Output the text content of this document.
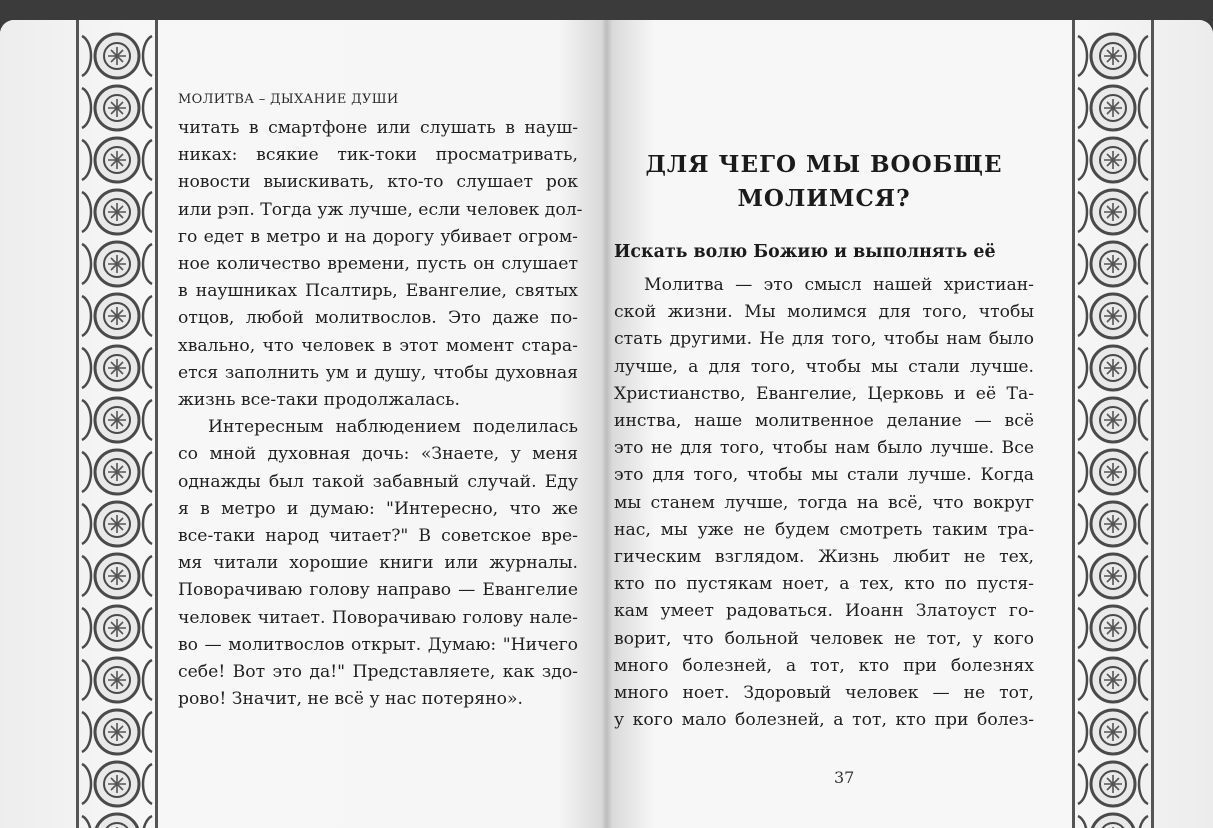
МОЛИТВА – ДЫХАНИЕ ДУШИ
читать в смартфоне или слушать в науш-
никах: всякие тик-токи просматривать,
новости выискивать, кто-то слушает рок
или рэп. Тогда уж лучше, если человек дол-
го едет в метро и на дорогу убивает огром-
ное количество времени, пусть он слушает
в наушниках Псалтирь, Евангелие, святых
отцов, любой молитвослов. Это даже по-
хвально, что человек в этот момент стара-
ется заполнить ум и душу, чтобы духовная
жизнь все-таки продолжалась.
Интересным наблюдением поделилась
со мной духовная дочь: «Знаете, у меня
однажды был такой забавный случай. Еду
я в метро и думаю: "Интересно, что же
все-таки народ читает?" В советское вре-
мя читали хорошие книги или журналы.
Поворачиваю голову направо — Евангелие
человек читает. Поворачиваю голову нале-
во — молитвослов открыт. Думаю: "Ничего
себе! Вот это да!" Представляете, как здо-
рово! Значит, не всё у нас потеряно».
ДЛЯ ЧЕГО МЫ ВООБЩЕ
МОЛИМСЯ?
Искать волю Божию и выполнять её
Молитва — это смысл нашей христиан-
ской жизни. Мы молимся для того, чтобы
стать другими. Не для того, чтобы нам было
лучше, а для того, чтобы мы стали лучше.
Христианство, Евангелие, Церковь и её Та-
инства, наше молитвенное делание — всё
это не для того, чтобы нам было лучше. Все
это для того, чтобы мы стали лучше. Когда
мы станем лучше, тогда на всё, что вокруг
нас, мы уже не будем смотреть таким тра-
гическим взглядом. Жизнь любит не тех,
кто по пустякам ноет, а тех, кто по пустя-
кам умеет радоваться. Иоанн Златоуст го-
ворит, что больной человек не тот, у кого
много болезней, а тот, кто при болезнях
много ноет. Здоровый человек — не тот,
у кого мало болезней, а тот, кто при болез-
37
